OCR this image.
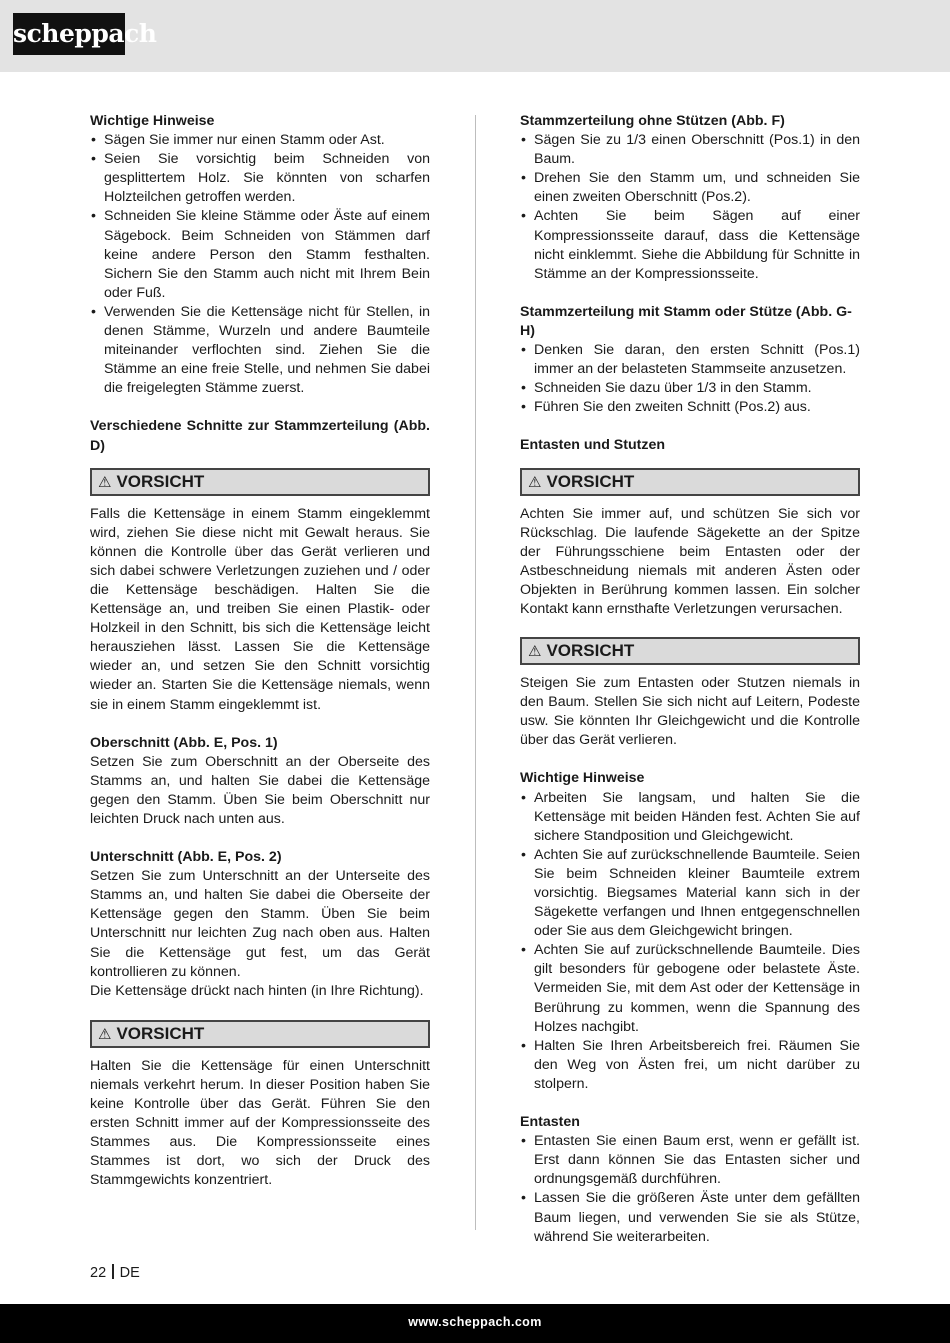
scheppach

Wichtige Hinweise

• Sägen Sie immer nur einen Stamm oder Ast.
• Seien Sie vorsichtig beim Schneiden von gesplittertem Holz. Sie könnten von scharfen Holzteilchen getroffen werden.
• Schneiden Sie kleine Stämme oder Äste auf einem Sägebock. Beim Schneiden von Stämmen darf keine andere Person den Stamm festhalten. Sichern Sie den Stamm auch nicht mit Ihrem Bein oder Fuß.
• Verwenden Sie die Kettensäge nicht für Stellen, in denen Stämme, Wurzeln und andere Baumteile miteinander verflochten sind. Ziehen Sie die Stämme an eine freie Stelle, und nehmen Sie dabei die freigelegten Stämme zuerst.

Verschiedene Schnitte zur Stammzerteilung (Abb. D)

⚠ VORSICHT

Falls die Kettensäge in einem Stamm eingeklemmt wird, ziehen Sie diese nicht mit Gewalt heraus. Sie können die Kontrolle über das Gerät verlieren und sich dabei schwere Verletzungen zuziehen und / oder die Kettensäge beschädigen. Halten Sie die Kettensäge an, und treiben Sie einen Plastik- oder Holzkeil in den Schnitt, bis sich die Kettensäge leicht herausziehen lässt. Lassen Sie die Kettensäge wieder an, und setzen Sie den Schnitt vorsichtig wieder an. Starten Sie die Kettensäge niemals, wenn sie in einem Stamm eingeklemmt ist.

Oberschnitt (Abb. E, Pos. 1)

Setzen Sie zum Oberschnitt an der Oberseite des Stamms an, und halten Sie dabei die Kettensäge gegen den Stamm. Üben Sie beim Oberschnitt nur leichten Druck nach unten aus.

Unterschnitt (Abb. E, Pos. 2)

Setzen Sie zum Unterschnitt an der Unterseite des Stamms an, und halten Sie dabei die Oberseite der Kettensäge gegen den Stamm. Üben Sie beim Unterschnitt nur leichten Zug nach oben aus. Halten Sie die Kettensäge gut fest, um das Gerät kontrollieren zu können.

Die Kettensäge drückt nach hinten (in Ihre Richtung).

⚠ VORSICHT

Halten Sie die Kettensäge für einen Unterschnitt niemals verkehrt herum. In dieser Position haben Sie keine Kontrolle über das Gerät. Führen Sie den ersten Schnitt immer auf der Kompressionsseite des Stammes aus. Die Kompressionsseite eines Stammes ist dort, wo sich der Druck des Stammgewichts konzentriert.

Stammzerteilung ohne Stützen (Abb. F)

• Sägen Sie zu 1/3 einen Oberschnitt (Pos.1) in den Baum.
• Drehen Sie den Stamm um, und schneiden Sie einen zweiten Oberschnitt (Pos.2).
• Achten Sie beim Sägen auf einer Kompressionsseite darauf, dass die Kettensäge nicht einklemmt. Siehe die Abbildung für Schnitte in Stämme an der Kompressionsseite.

Stammzerteilung mit Stamm oder Stütze (Abb. G-H)

• Denken Sie daran, den ersten Schnitt (Pos.1) immer an der belasteten Stammseite anzusetzen.
• Schneiden Sie dazu über 1/3 in den Stamm.
• Führen Sie den zweiten Schnitt (Pos.2) aus.

Entasten und Stutzen

⚠ VORSICHT

Achten Sie immer auf, und schützen Sie sich vor Rückschlag. Die laufende Sägekette an der Spitze der Führungsschiene beim Entasten oder der Astbeschneidung niemals mit anderen Ästen oder Objekten in Berührung kommen lassen. Ein solcher Kontakt kann ernsthafte Verletzungen verursachen.

⚠ VORSICHT

Steigen Sie zum Entasten oder Stutzen niemals in den Baum. Stellen Sie sich nicht auf Leitern, Podeste usw. Sie könnten Ihr Gleichgewicht und die Kontrolle über das Gerät verlieren.

Wichtige Hinweise

• Arbeiten Sie langsam, und halten Sie die Kettensäge mit beiden Händen fest. Achten Sie auf sichere Standposition und Gleichgewicht.
• Achten Sie auf zurückschnellende Baumteile. Seien Sie beim Schneiden kleiner Baumteile extrem vorsichtig. Biegsames Material kann sich in der Sägekette verfangen und Ihnen entgegenschnellen oder Sie aus dem Gleichgewicht bringen.
• Achten Sie auf zurückschnellende Baumteile. Dies gilt besonders für gebogene oder belastete Äste. Vermeiden Sie, mit dem Ast oder der Kettensäge in Berührung zu kommen, wenn die Spannung des Holzes nachgibt.
• Halten Sie Ihren Arbeitsbereich frei. Räumen Sie den Weg von Ästen frei, um nicht darüber zu stolpern.

Entasten

• Entasten Sie einen Baum erst, wenn er gefällt ist. Erst dann können Sie das Entasten sicher und ordnungsgemäß durchführen.
• Lassen Sie die größeren Äste unter dem gefällten Baum liegen, und verwenden Sie sie als Stütze, während Sie weiterarbeiten.
22 DE
www.scheppach.com
